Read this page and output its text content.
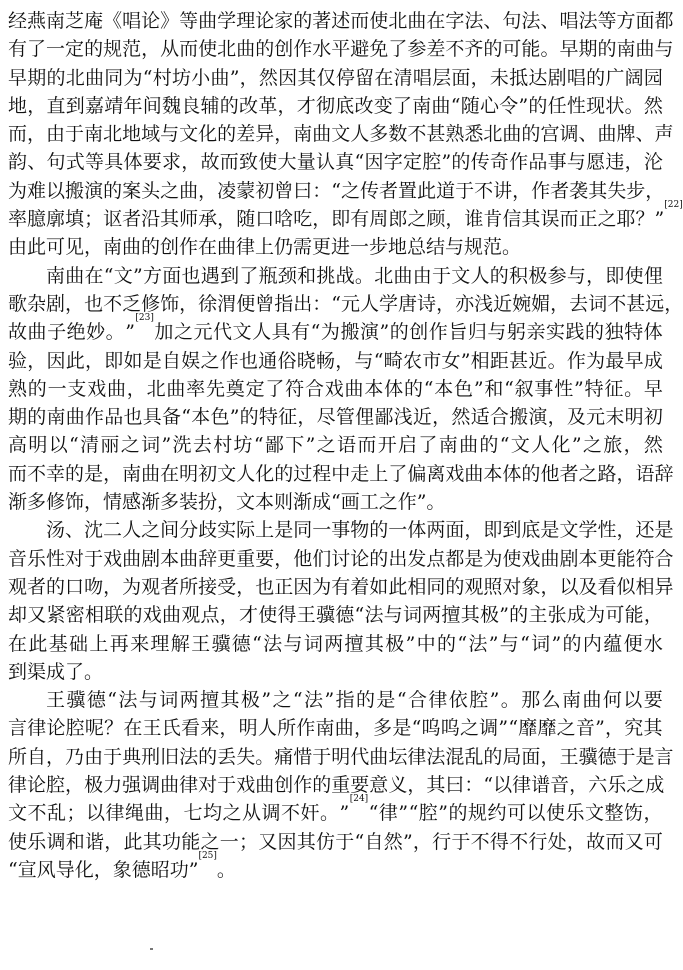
经 燕 南 芝 庵 《 唱 论 》 等 曲 学 理 论 家 的 著 述 而 使 北 曲 在 字 法 、 句 法 、 唱 法 等 方 面 都
有 了 一 定 的 规 范 ， 从 而 使 北 曲 的 创 作 水 平 避 免 了 参 差 不 齐 的 可 能 。 早 期 的 南 曲 与
早 期 的 北 曲 同 为 “ 村 坊 小 曲 ” ， 然 因 其 仅 停 留 在 清 唱 层 面 ， 未 抵 达 剧 唱 的 广 阔 园
地 ， 直 到 嘉 靖 年 间 魏 良 辅 的 改 革 ， 才 彻 底 改 变 了 南 曲 “ 随 心 令 ” 的 任 性 现 状 。 然
而 ， 由 于 南 北 地 域 与 文 化 的 差 异 ， 南 曲 文 人 多 数 不 甚 熟 悉 北 曲 的 宫 调 、 曲 牌 、 声
韵 、 句 式 等 具 体 要 求 ， 故 而 致 使 大 量 认 真 “ 因 字 定 腔 ” 的 传 奇 作 品 事 与 愿 违 ， 沦
为 难 以 搬 演 的 案 头 之 曲 ， 凌 蒙 初 曾 曰 ： “ 之 传 者 置 此 道 于 不 讲 ， 作 者 袭 其 失 步 ，
率 臆 廓 填 ； 讴 者 沿 其 师 承 ， 随 口 唅 吃 ， 即 有 周 郎 之 顾 ， 谁 肯 信 其 误 而 正 之 耶 ？ ”
[22]
由此可见，南曲的创作在曲律上仍需更进一步地总结与规范。
南 曲 在 “ 文 ” 方 面 也 遇 到 了 瓶 颈 和 挑 战 。 北 曲 由 于 文 人 的 积 极 参 与 ， 即 使 俚
歌 杂 剧 ， 也 不 乏 修 饰 ， 徐 渭 便 曾 指 出 ： “ 元 人 学 唐 诗 ， 亦 浅 近 婉 媚 ， 去 词 不 甚 远 ，
故 曲 子 绝 妙 。 ”
[23]
加 之 元 代 文 人 具 有 “ 为 搬 演 ” 的 创 作 旨 归 与 躬 亲 实 践 的 独 特 体
验 ， 因 此 ， 即 如 是 自 娱 之 作 也 通 俗 晓 畅 ， 与 “ 畸 农 市 女 ” 相 距 甚 近 。 作 为 最 早 成
熟 的 一 支 戏 曲 ， 北 曲 率 先 奠 定 了 符 合 戏 曲 本 体 的 “ 本 色 ” 和 “ 叙 事 性 ” 特 征 。 早
期 的 南 曲 作 品 也 具 备 “ 本 色 ” 的 特 征 ， 尽 管 俚 鄙 浅 近 ， 然 适 合 搬 演 ， 及 元 末 明 初
高 明 以 “ 清 丽 之 词 ” 洗 去 村 坊 “ 鄙 下 ” 之 语 而 开 启 了 南 曲 的 “ 文 人 化 ” 之 旅 ， 然
而 不 幸 的 是 ， 南 曲 在 明 初 文 人 化 的 过 程 中 走 上 了 偏 离 戏 曲 本 体 的 他 者 之 路 ， 语 辞
渐多修饰，情感渐多装扮，文本则渐成“画工之作”。
汤 、 沈 二 人 之 间 分 歧 实 际 上 是 同 一 事 物 的 一 体 两 面 ， 即 到 底 是 文 学 性 ， 还 是
音 乐 性 对 于 戏 曲 剧 本 曲 辞 更 重 要 ， 他 们 讨 论 的 出 发 点 都 是 为 使 戏 曲 剧 本 更 能 符 合
观 者 的 口 吻 ， 为 观 者 所 接 受 ， 也 正 因 为 有 着 如 此 相 同 的 观 照 对 象 ， 以 及 看 似 相 异
却 又 紧 密 相 联 的 戏 曲 观 点 ， 才 使 得 王 骥 德 “ 法 与 词 两 擅 其 极 ” 的 主 张 成 为 可 能 ，
在 此 基 础 上 再 来 理 解 王 骥 德 “ 法 与 词 两 擅 其 极 ” 中 的 “ 法 ” 与 “ 词 ” 的 内 蕴 便 水
到渠成了。
王 骥 德 “ 法 与 词 两 擅 其 极 ” 之 “ 法 ” 指 的 是 “ 合 律 依 腔 ” 。 那 么 南 曲 何 以 要
言 律 论 腔 呢 ？ 在 王 氏 看 来 ， 明 人 所 作 南 曲 ， 多 是 “ 呜 呜 之 调 ” “ 靡 靡 之 音 ” ， 究 其
所 自 ， 乃 由 于 典 刑 旧 法 的 丢 失 。 痛 惜 于 明 代 曲 坛 律 法 混 乱 的 局 面 ， 王 骥 德 于 是 言
律 论 腔 ， 极 力 强 调 曲 律 对 于 戏 曲 创 作 的 重 要 意 义 ， 其 曰 ： “ 以 律 谱 音 ， 六 乐 之 成
文 不 乱 ； 以 律 绳 曲 ， 七 均 之 从 调 不 奸 。 ”
[24]
“ 律 ” “ 腔 ” 的 规 约 可 以 使 乐 文 整 饬 ，
使 乐 调 和 谐 ， 此 其 功 能 之 一 ； 又 因 其 仿 于 “ 自 然 ” ， 行 于 不 得 不 行 处 ， 故 而 又 可
“宣风导化，象德昭功”
[25]
。
